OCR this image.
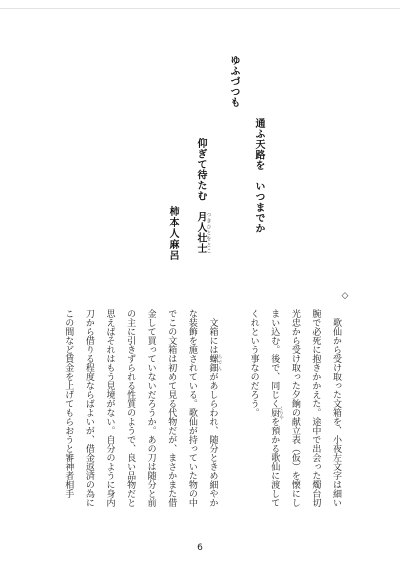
ゆふづつも
通ふ天路を　いつまでか
仰ぎて待たむ　月人壮士 つきひとをとこ
柿本人麻呂
◇
歌仙から受け取った文箱を、小夜左文字は細い
腕で必死に抱きかかえた。途中で出会った燭台切
光忠から受け取った夕餉の献立表（仮）を懐にし
まい込む。後で、同じく厨を預かる歌仙に渡して
くれという事なのだろう。
文箱には螺鈿があしらわれ、随分ときめ細やか
な装飾を施されている。歌仙が持っていた物の中
でこの文箱は初めて見る代物だが、まさかまた借
金して買っていないだろうか。あの刀は随分と前
の主に引きずられる性質のようで、良い品物だと
思えばそれはもう見境がない。自分のように身内
刀から借りる程度ならばよいが、借金返済の為に
この間など賃金を上げてもらおうと審神者相手	らでん
くりや
6
